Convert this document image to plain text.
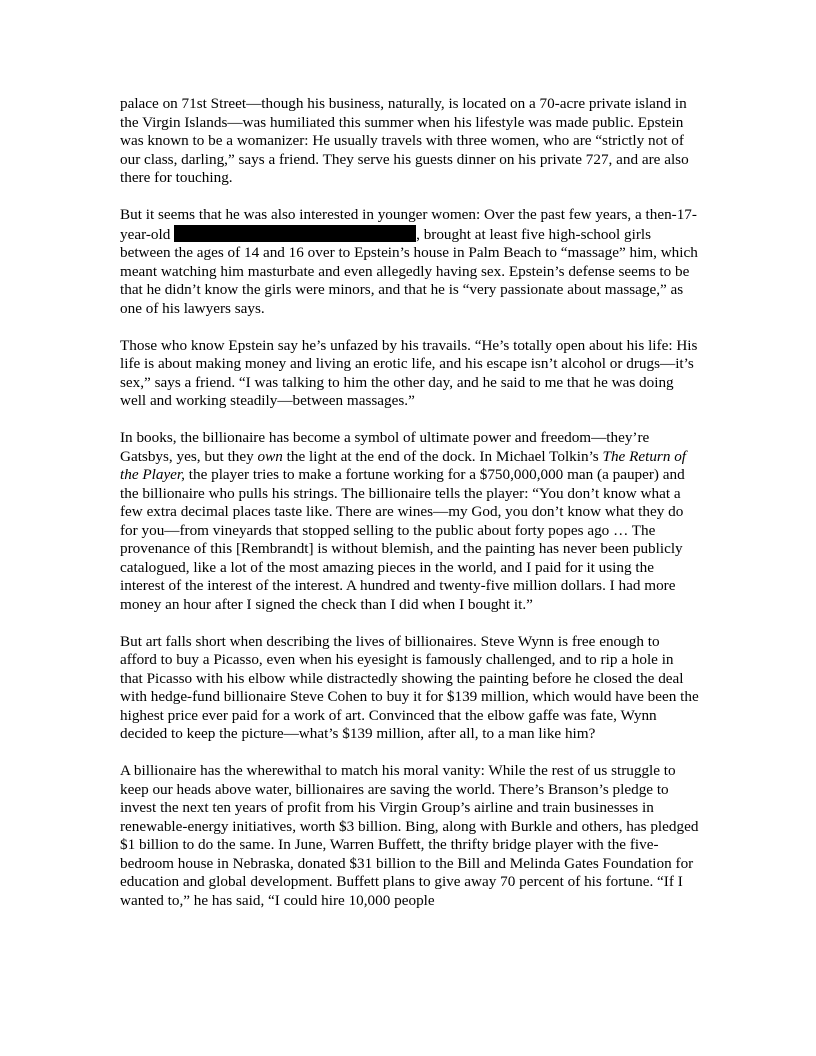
palace on 71st Street—though his business, naturally, is located on a 70-acre private island in the Virgin Islands—was humiliated this summer when his lifestyle was made public. Epstein was known to be a womanizer: He usually travels with three women, who are “strictly not of our class, darling,” says a friend. They serve his guests dinner on his private 727, and are also there for touching.

But it seems that he was also interested in younger women: Over the past few years, a then-17-year-old	, brought at least five high-school girls between the ages of 14 and 16 over to Epstein’s house in Palm Beach to “massage” him, which meant watching him masturbate and even allegedly having sex. Epstein’s defense seems to be that he didn’t know the girls were minors, and that he is “very passionate about massage,” as one of his lawyers says.

Those who know Epstein say he’s unfazed by his travails. “He’s totally open about his life: His life is about making money and living an erotic life, and his escape isn’t alcohol or drugs—it’s sex,” says a friend. “I was talking to him the other day, and he said to me that he was doing well and working steadily—between massages.”

In books, the billionaire has become a symbol of ultimate power and freedom—they’re Gatsbys, yes, but they own the light at the end of the dock. In Michael Tolkin’s The Return of the Player, the player tries to make a fortune working for a $750,000,000 man (a pauper) and the billionaire who pulls his strings. The billionaire tells the player: “You don’t know what a few extra decimal places taste like. There are wines—my God, you don’t know what they do for you—from vineyards that stopped selling to the public about forty popes ago … The provenance of this [Rembrandt] is without blemish, and the painting has never been publicly catalogued, like a lot of the most amazing pieces in the world, and I paid for it using the interest of the interest of the interest. A hundred and twenty-five million dollars. I had more money an hour after I signed the check than I did when I bought it.”

But art falls short when describing the lives of billionaires. Steve Wynn is free enough to afford to buy a Picasso, even when his eyesight is famously challenged, and to rip a hole in that Picasso with his elbow while distractedly showing the painting before he closed the deal with hedge-fund billionaire Steve Cohen to buy it for $139 million, which would have been the highest price ever paid for a work of art. Convinced that the elbow gaffe was fate, Wynn decided to keep the picture—what’s $139 million, after all, to a man like him?

A billionaire has the wherewithal to match his moral vanity: While the rest of us struggle to keep our heads above water, billionaires are saving the world. There’s Branson’s pledge to invest the next ten years of profit from his Virgin Group’s airline and train businesses in renewable-energy initiatives, worth $3 billion. Bing, along with Burkle and others, has pledged $1 billion to do the same. In June, Warren Buffett, the thrifty bridge player with the five-bedroom house in Nebraska, donated $31 billion to the Bill and Melinda Gates Foundation for education and global development. Buffett plans to give away 70 percent of his fortune. “If I wanted to,” he has said, “I could hire 10,000 people
